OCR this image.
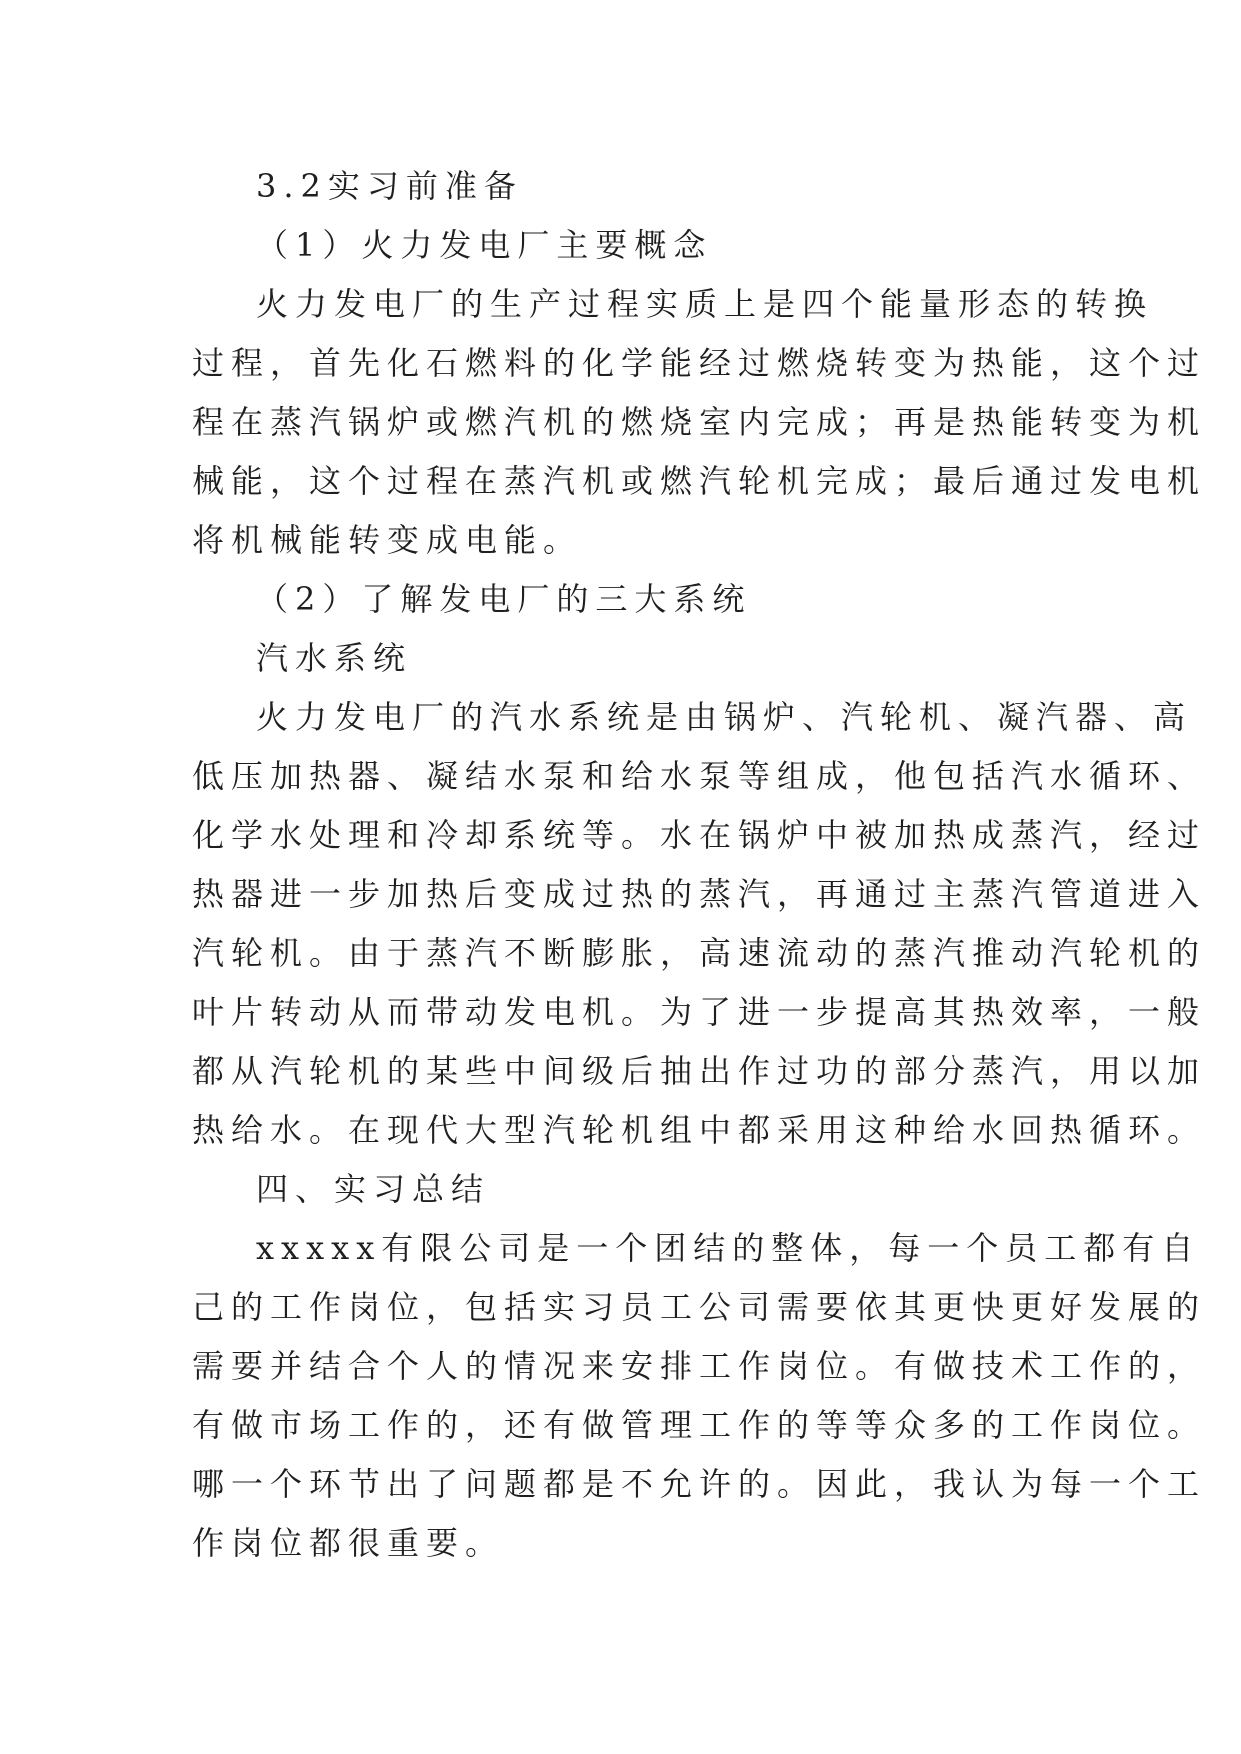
3.2实习前准备
（1）火力发电厂主要概念
火力发电厂的生产过程实质上是四个能量形态的转换
过程，首先化石燃料的化学能经过燃烧转变为热能，这个过
程在蒸汽锅炉或燃汽机的燃烧室内完成；再是热能转变为机
械能，这个过程在蒸汽机或燃汽轮机完成；最后通过发电机
将机械能转变成电能。
（2）了解发电厂的三大系统
汽水系统
火力发电厂的汽水系统是由锅炉、汽轮机、凝汽器、高
低压加热器、凝结水泵和给水泵等组成，他包括汽水循环、
化学水处理和冷却系统等。水在锅炉中被加热成蒸汽，经过
热器进一步加热后变成过热的蒸汽，再通过主蒸汽管道进入
汽轮机。由于蒸汽不断膨胀，高速流动的蒸汽推动汽轮机的
叶片转动从而带动发电机。为了进一步提高其热效率，一般
都从汽轮机的某些中间级后抽出作过功的部分蒸汽，用以加
热给水。在现代大型汽轮机组中都采用这种给水回热循环。
四、实习总结
xxxxx有限公司是一个团结的整体，每一个员工都有自
己的工作岗位，包括实习员工公司需要依其更快更好发展的
需要并结合个人的情况来安排工作岗位。有做技术工作的，
有做市场工作的，还有做管理工作的等等众多的工作岗位。
哪一个环节出了问题都是不允许的。因此，我认为每一个工
作岗位都很重要。
